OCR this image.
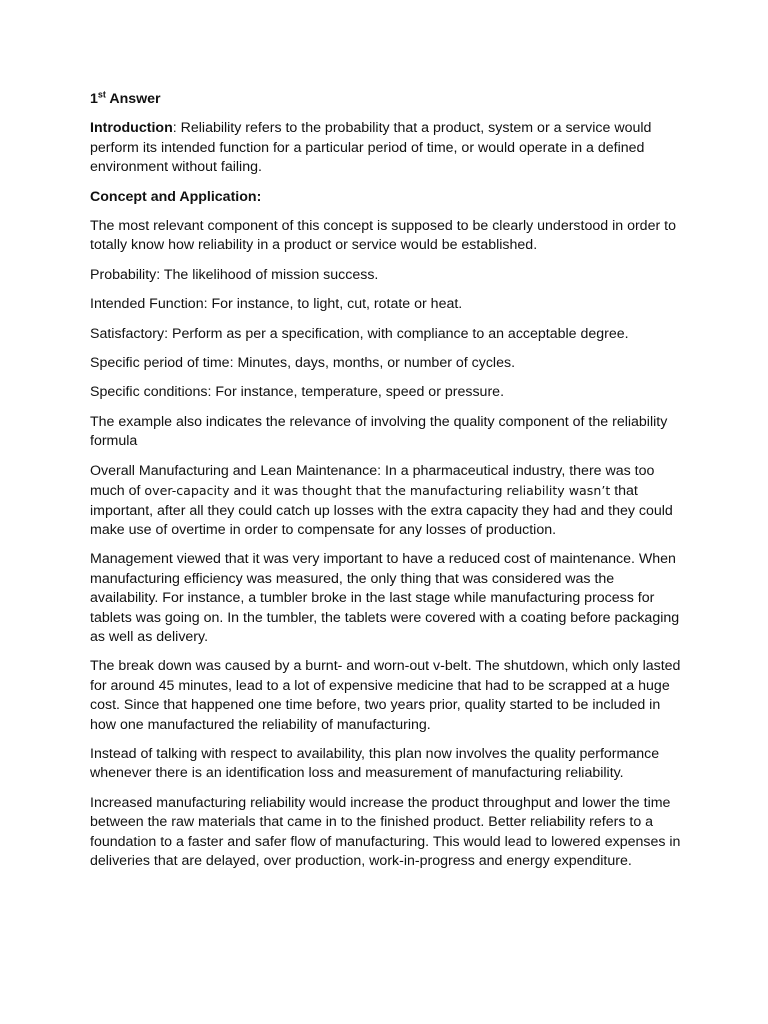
1st Answer

Introduction: Reliability refers to the probability that a product, system or a service would perform its intended function for a particular period of time, or would operate in a defined environment without failing.

Concept and Application:

The most relevant component of this concept is supposed to be clearly understood in order to totally know how reliability in a product or service would be established.

Probability: The likelihood of mission success.

Intended Function: For instance, to light, cut, rotate or heat.

Satisfactory: Perform as per a specification, with compliance to an acceptable degree.

Specific period of time: Minutes, days, months, or number of cycles.

Specific conditions: For instance, temperature, speed or pressure.

The example also indicates the relevance of involving the quality component of the reliability formula

Overall Manufacturing and Lean Maintenance: In a pharmaceutical industry, there was too much of over-capacity and it was thought that the manufacturing reliability wasn’t that important, after all they could catch up losses with the extra capacity they had and they could make use of overtime in order to compensate for any losses of production.

Management viewed that it was very important to have a reduced cost of maintenance. When manufacturing efficiency was measured, the only thing that was considered was the availability. For instance, a tumbler broke in the last stage while manufacturing process for tablets was going on. In the tumbler, the tablets were covered with a coating before packaging as well as delivery.

The break down was caused by a burnt- and worn-out v-belt. The shutdown, which only lasted for around 45 minutes, lead to a lot of expensive medicine that had to be scrapped at a huge cost. Since that happened one time before, two years prior, quality started to be included in how one manufactured the reliability of manufacturing.

Instead of talking with respect to availability, this plan now involves the quality performance whenever there is an identification loss and measurement of manufacturing reliability.

Increased manufacturing reliability would increase the product throughput and lower the time between the raw materials that came in to the finished product. Better reliability refers to a foundation to a faster and safer flow of manufacturing. This would lead to lowered expenses in deliveries that are delayed, over production, work-in-progress and energy expenditure.
